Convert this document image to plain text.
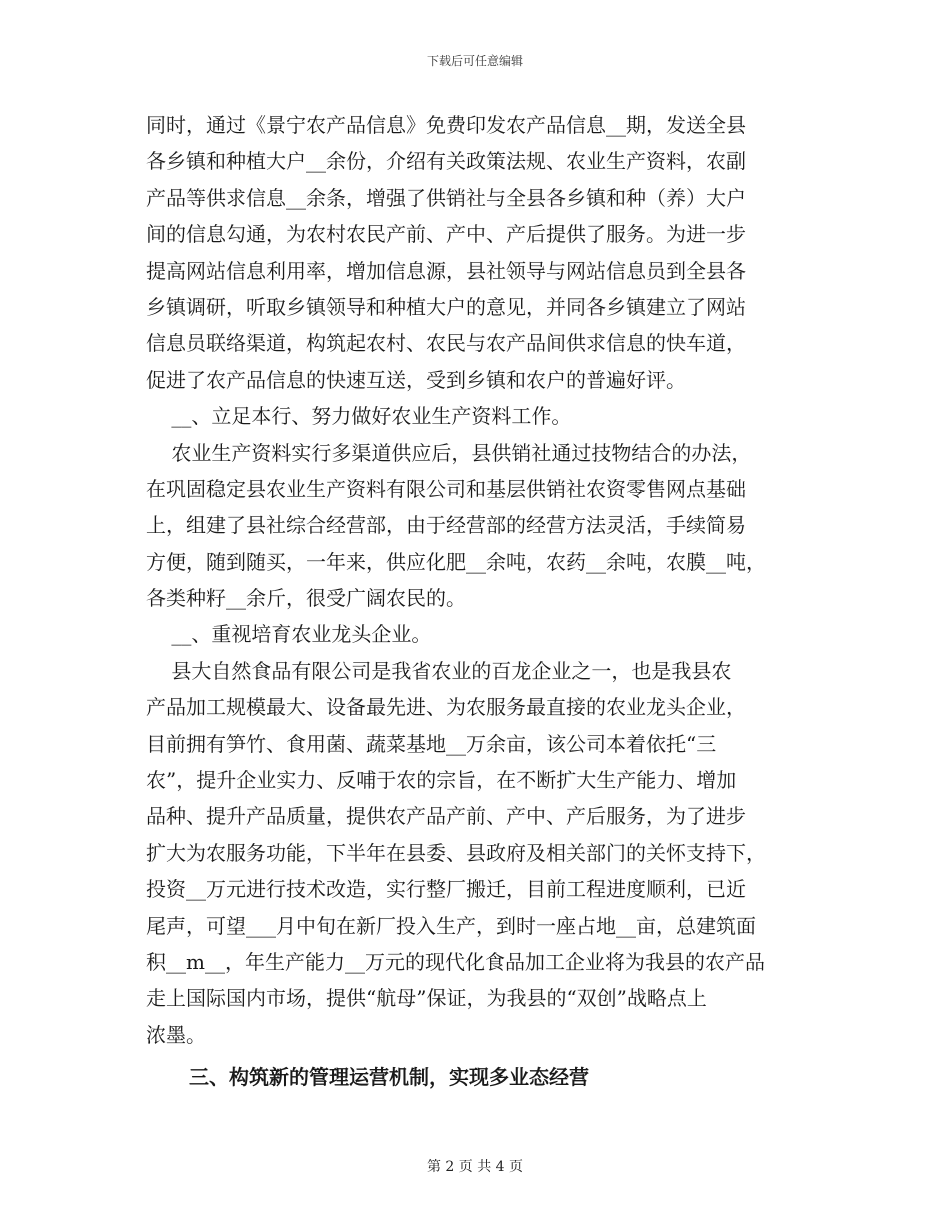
下载后可任意编辑
同时，通过《景宁农产品信息》免费印发农产品信息__期，发送全县
各乡镇和种植大户__余份，介绍有关政策法规、农业生产资料，农副
产品等供求信息__余条，增强了供销社与全县各乡镇和种（养）大户
间的信息勾通，为农村农民产前、产中、产后提供了服务。为进一步
提高网站信息利用率，增加信息源，县社领导与网站信息员到全县各
乡镇调研，听取乡镇领导和种植大户的意见，并同各乡镇建立了网站
信息员联络渠道，构筑起农村、农民与农产品间供求信息的快车道，
促进了农产品信息的快速互送，受到乡镇和农户的普遍好评。
__、立足本行、努力做好农业生产资料工作。
农业生产资料实行多渠道供应后，县供销社通过技物结合的办法，
在巩固稳定县农业生产资料有限公司和基层供销社农资零售网点基础
上，组建了县社综合经营部，由于经营部的经营方法灵活，手续简易
方便，随到随买，一年来，供应化肥__余吨，农药__余吨，农膜__吨，
各类种籽__余斤，很受广阔农民的。
__、重视培育农业龙头企业。
县大自然食品有限公司是我省农业的百龙企业之一，也是我县农
产品加工规模最大、设备最先进、为农服务最直接的农业龙头企业，
目前拥有笋竹、食用菌、蔬菜基地__万余亩，该公司本着依托“三
农”，提升企业实力、反哺于农的宗旨，在不断扩大生产能力、增加
品种、提升产品质量，提供农产品产前、产中、产后服务，为了进步
扩大为农服务功能，下半年在县委、县政府及相关部门的关怀支持下，
投资__万元进行技术改造，实行整厂搬迁，目前工程进度顺利，已近
尾声，可望___月中旬在新厂投入生产，到时一座占地__亩，总建筑面
积__m__，年生产能力__万元的现代化食品加工企业将为我县的农产品
走上国际国内市场，提供“航母”保证，为我县的“双创”战略点上
浓墨。
三、构筑新的管理运营机制，实现多业态经营
第 2 页 共 4 页
